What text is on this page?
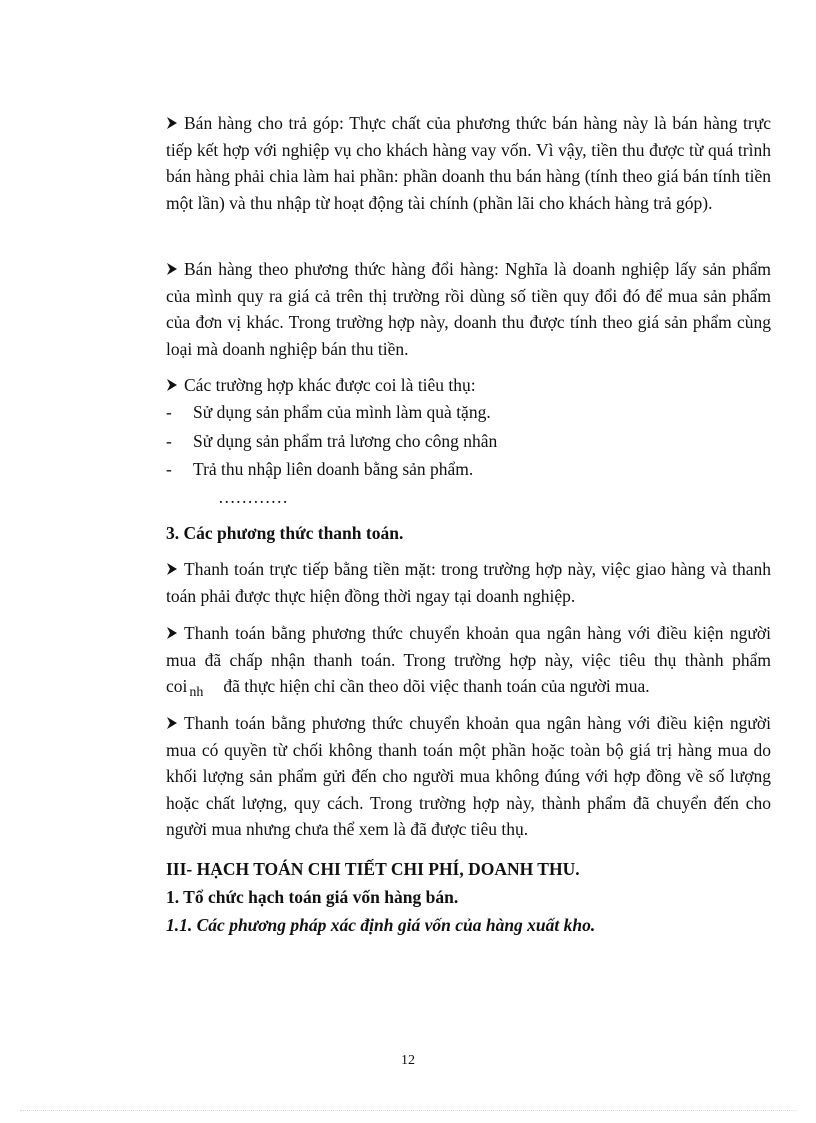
Bán hàng cho trả góp: Thực chất của phương thức bán hàng này là bán hàng trực tiếp kết hợp với nghiệp vụ cho khách hàng vay vốn. Vì vậy, tiền thu được từ quá trình bán hàng phải chia làm hai phần: phần doanh thu bán hàng (tính theo giá bán tính tiền một lần) và thu nhập từ hoạt động tài chính (phần lãi cho khách hàng trả góp).

Bán hàng theo phương thức hàng đổi hàng: Nghĩa là doanh nghiệp lấy sản phẩm của mình quy ra giá cả trên thị trường rồi dùng số tiền quy đổi đó để mua sản phẩm của đơn vị khác. Trong trường hợp này, doanh thu được tính theo giá sản phẩm cùng loại mà doanh nghiệp bán thu tiền.

Các trường hợp khác được coi là tiêu thụ:

- Sử dụng sản phẩm của mình làm quà tặng.
- Sử dụng sản phẩm trả lương cho công nhân
- Trả thu nhập liên doanh bằng sản phẩm.
…………
3. Các phương thức thanh toán.

Thanh toán trực tiếp bằng tiền mặt: trong trường hợp này, việc giao hàng và thanh toán phải được thực hiện đồng thời ngay tại doanh nghiệp.

Thanh toán bằng phương thức chuyển khoản qua ngân hàng với điều kiện người mua đã chấp nhận thanh toán. Trong trường hợp này, việc tiêu thụ thành phẩm coi $_{nh}$ đã thực hiện chỉ cần theo dõi việc thanh toán của người mua.

Thanh toán bằng phương thức chuyển khoản qua ngân hàng với điều kiện người mua có quyền từ chối không thanh toán một phần hoặc toàn bộ giá trị hàng mua do khối lượng sản phẩm gửi đến cho người mua không đúng với hợp đồng về số lượng hoặc chất lượng, quy cách. Trong trường hợp này, thành phẩm đã chuyển đến cho người mua nhưng chưa thể xem là đã được tiêu thụ.

III- HẠCH TOÁN CHI TIẾT CHI PHÍ, DOANH THU.
1. Tổ chức hạch toán giá vốn hàng bán.
1.1. Các phương pháp xác định giá vốn của hàng xuất kho.
12
